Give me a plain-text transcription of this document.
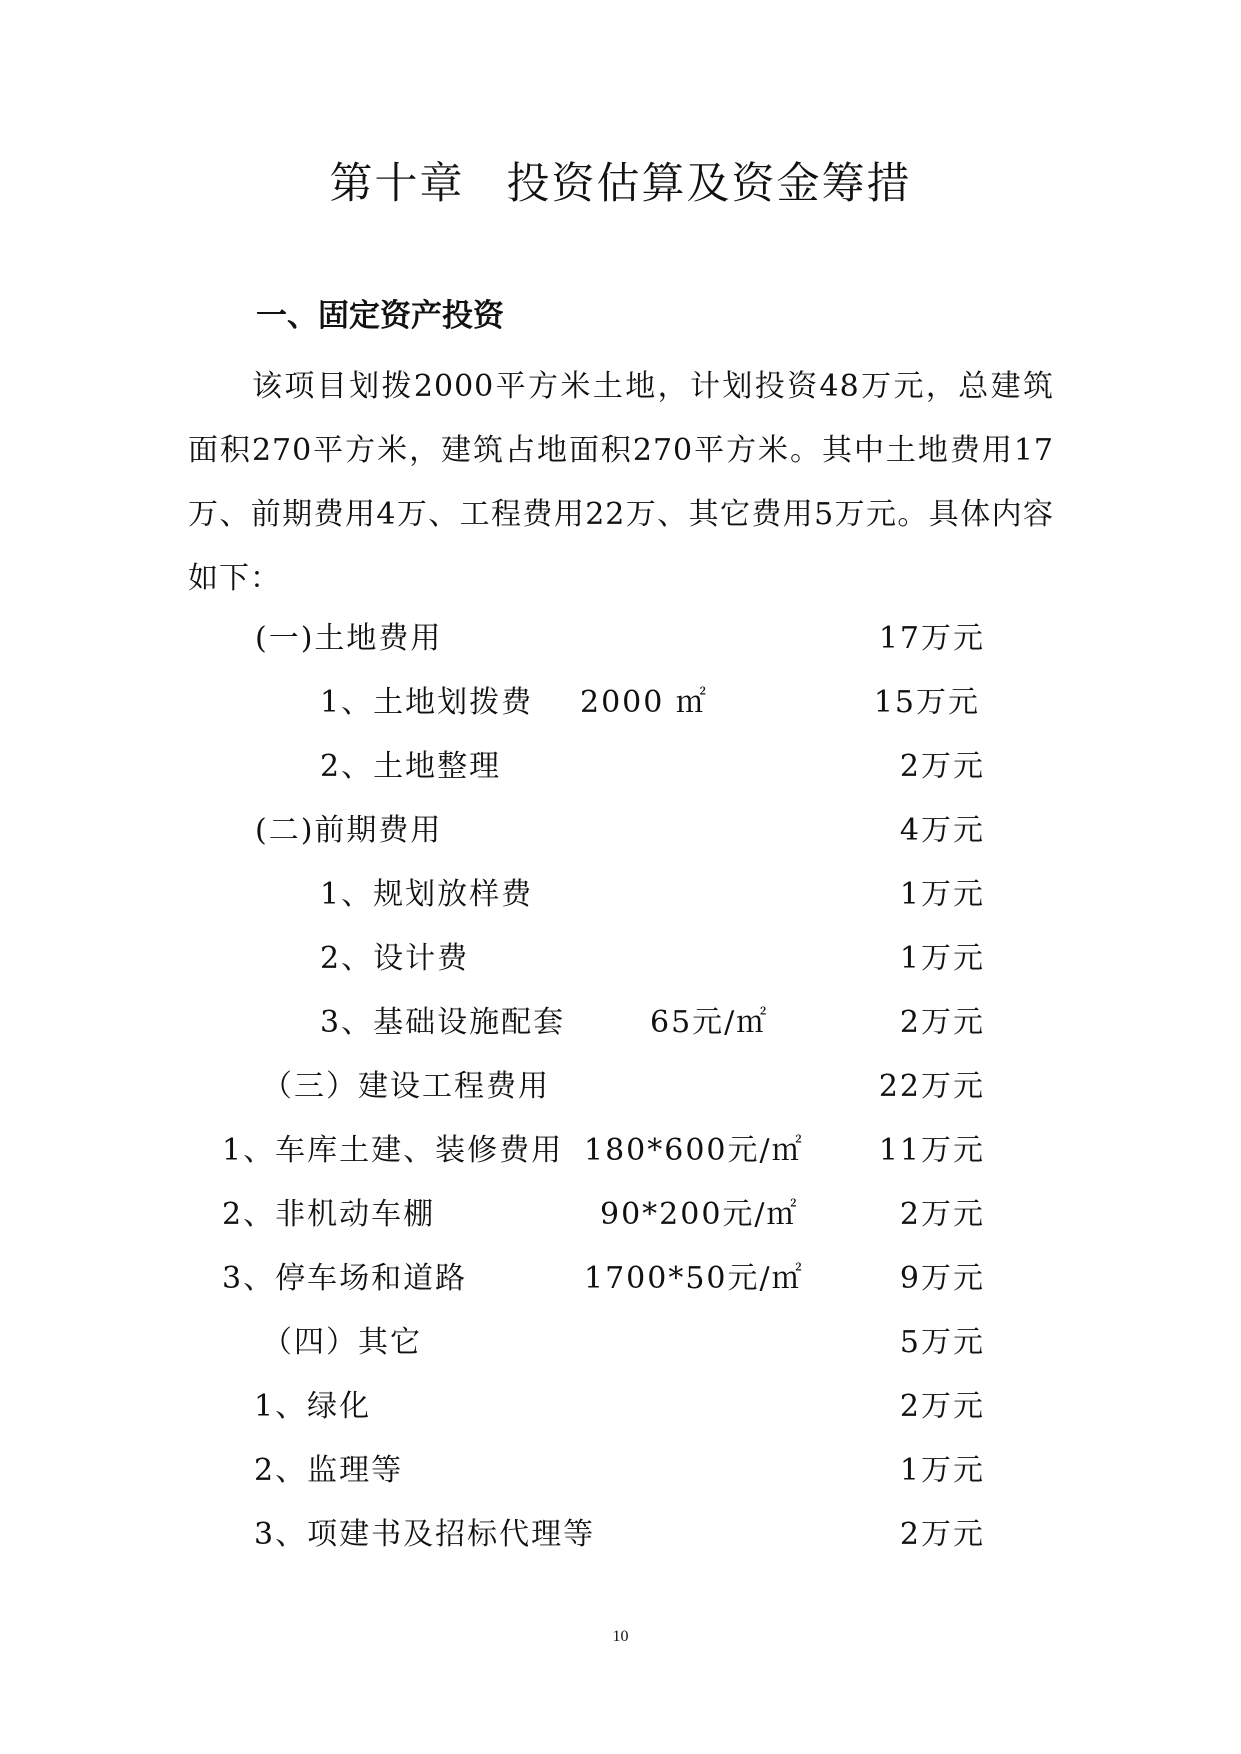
第十章 投资估算及资金筹措
一、固定资产投资
该项目划拨2000平方米土地，计划投资48万元，总建筑面积270平方米，建筑占地面积270平方米。其中土地费用17万、前期费用4万、工程费用22万、其它费用5万元。具体内容如下：
(一)土地费用	17万元
1、土地划拨费 2000 ㎡	15万元
2、土地整理	2万元
(二)前期费用	4万元
1、规划放样费	1万元
2、设计费	1万元
3、基础设施配套	65元/㎡	2万元
（三）建设工程费用	22万元
1、车库土建、装修费用 180*600元/㎡	11万元
2、非机动车棚	90*200元/㎡	2万元
3、停车场和道路	1700*50元/㎡	9万元
（四）其它	5万元
1、绿化	2万元
2、监理等	1万元
3、项建书及招标代理等	2万元
10
